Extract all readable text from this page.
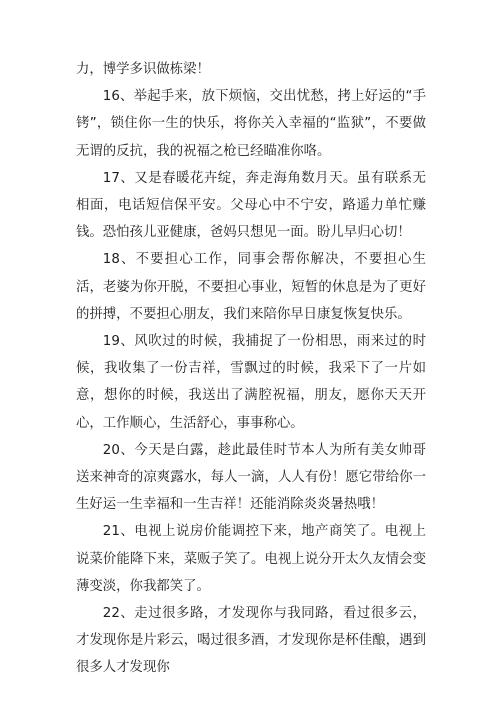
力，博学多识做栋梁！

16、举起手来，放下烦恼，交出忧愁，拷上好运的“手铐”，锁住你一生的快乐，将你关入幸福的“监狱”，不要做无谓的反抗，我的祝福之枪已经瞄准你咯。

17、又是春暖花卉绽，奔走海角数月天。虽有联系无相面，电话短信保平安。父母心中不宁安，路遥力单忙赚钱。恐怕孩儿亚健康，爸妈只想见一面。盼儿早归心切！

18、不要担心工作，同事会帮你解决，不要担心生活，老婆为你开脱，不要担心事业，短暂的休息是为了更好的拼搏，不要担心朋友，我们来陪你早日康复恢复快乐。

19、风吹过的时候，我捕捉了一份相思，雨来过的时候，我收集了一份吉祥，雪飘过的时候，我采下了一片如意，想你的时候，我送出了满腔祝福，朋友，愿你天天开心，工作顺心，生活舒心，事事称心。

20、今天是白露，趁此最佳时节本人为所有美女帅哥送来神奇的凉爽露水，每人一滴，人人有份！愿它带给你一生好运一生幸福和一生吉祥！还能消除炎炎暑热哦！

21、电视上说房价能调控下来，地产商笑了。电视上说菜价能降下来，菜贩子笑了。电视上说分开太久友情会变薄变淡，你我都笑了。

22、走过很多路，才发现你与我同路，看过很多云，才发现你是片彩云，喝过很多酒，才发现你是杯佳酿，遇到很多人才发现你
